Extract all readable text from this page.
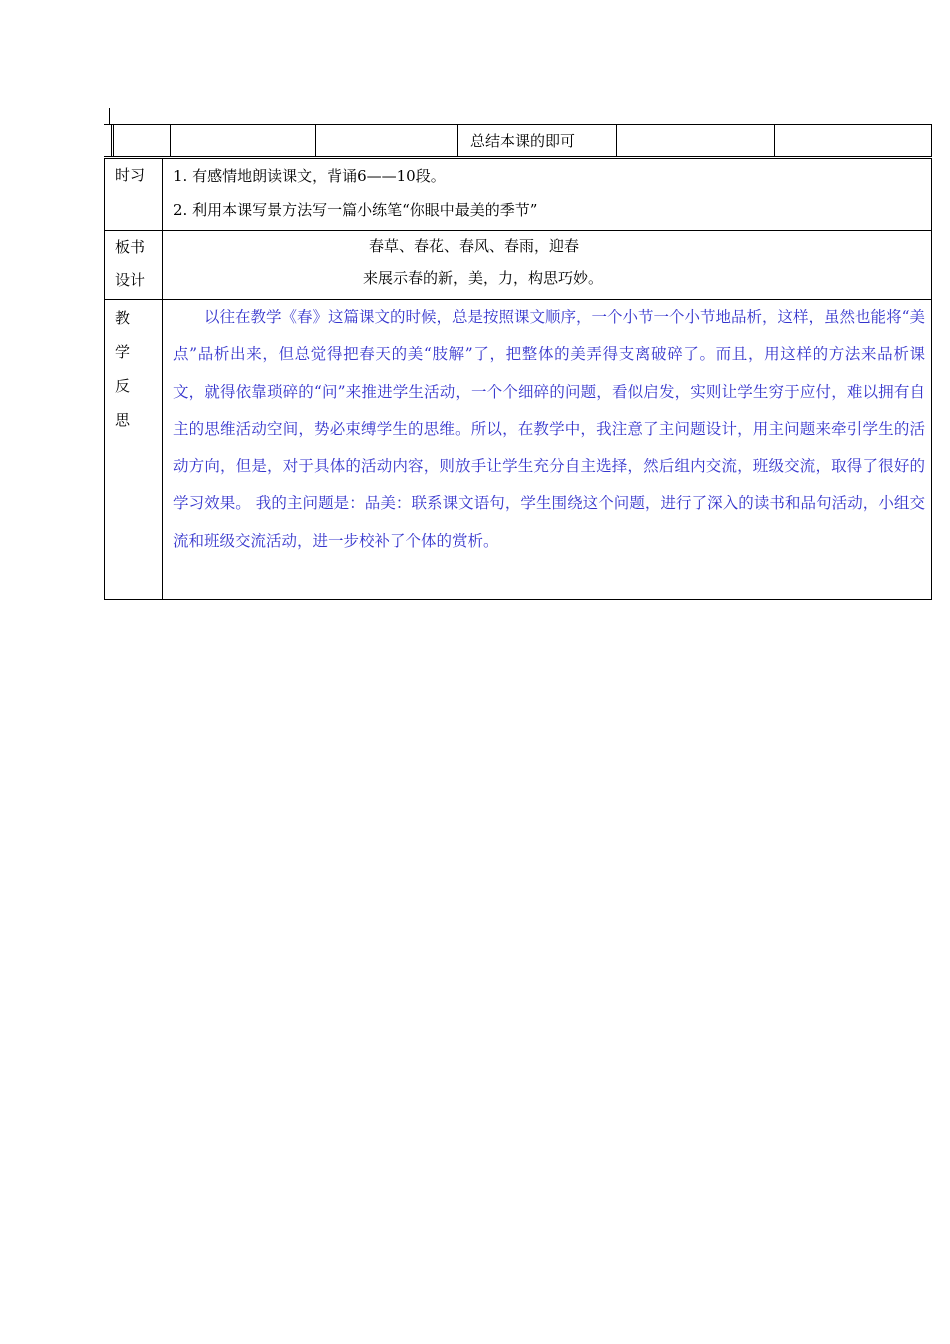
总结本课的即可
时习 1. 有感情地朗读课文，背诵6——10段。
2. 利用本课写景方法写一篇小练笔“你眼中最美的季节”
板书
设计
春草、春花、春风、春雨，迎春
来展示春的新，美，力，构思巧妙。
教
学
反
思
以往在教学《春》这篇课文的时候，总是按照课文顺序，一个小节一个小节地品析，这样，虽然也能将“美点”品析出来，但总觉得把春天的美“肢解”了，把整体的美弄得支离破碎了。而且，用这样的方法来品析课文，就得依靠琐碎的“问”来推进学生活动，一个个细碎的问题，看似启发，实则让学生穷于应付，难以拥有自主的思维活动空间，势必束缚学生的思维。所以，在教学中，我注意了主问题设计，用主问题来牵引学生的活动方向，但是，对于具体的活动内容，则放手让学生充分自主选择，然后组内交流，班级交流，取得了很好的学习效果。 我的主问题是：品美：联系课文语句，学生围绕这个问题，进行了深入的读书和品句活动，小组交流和班级交流活动，进一步校补了个体的赏析。
